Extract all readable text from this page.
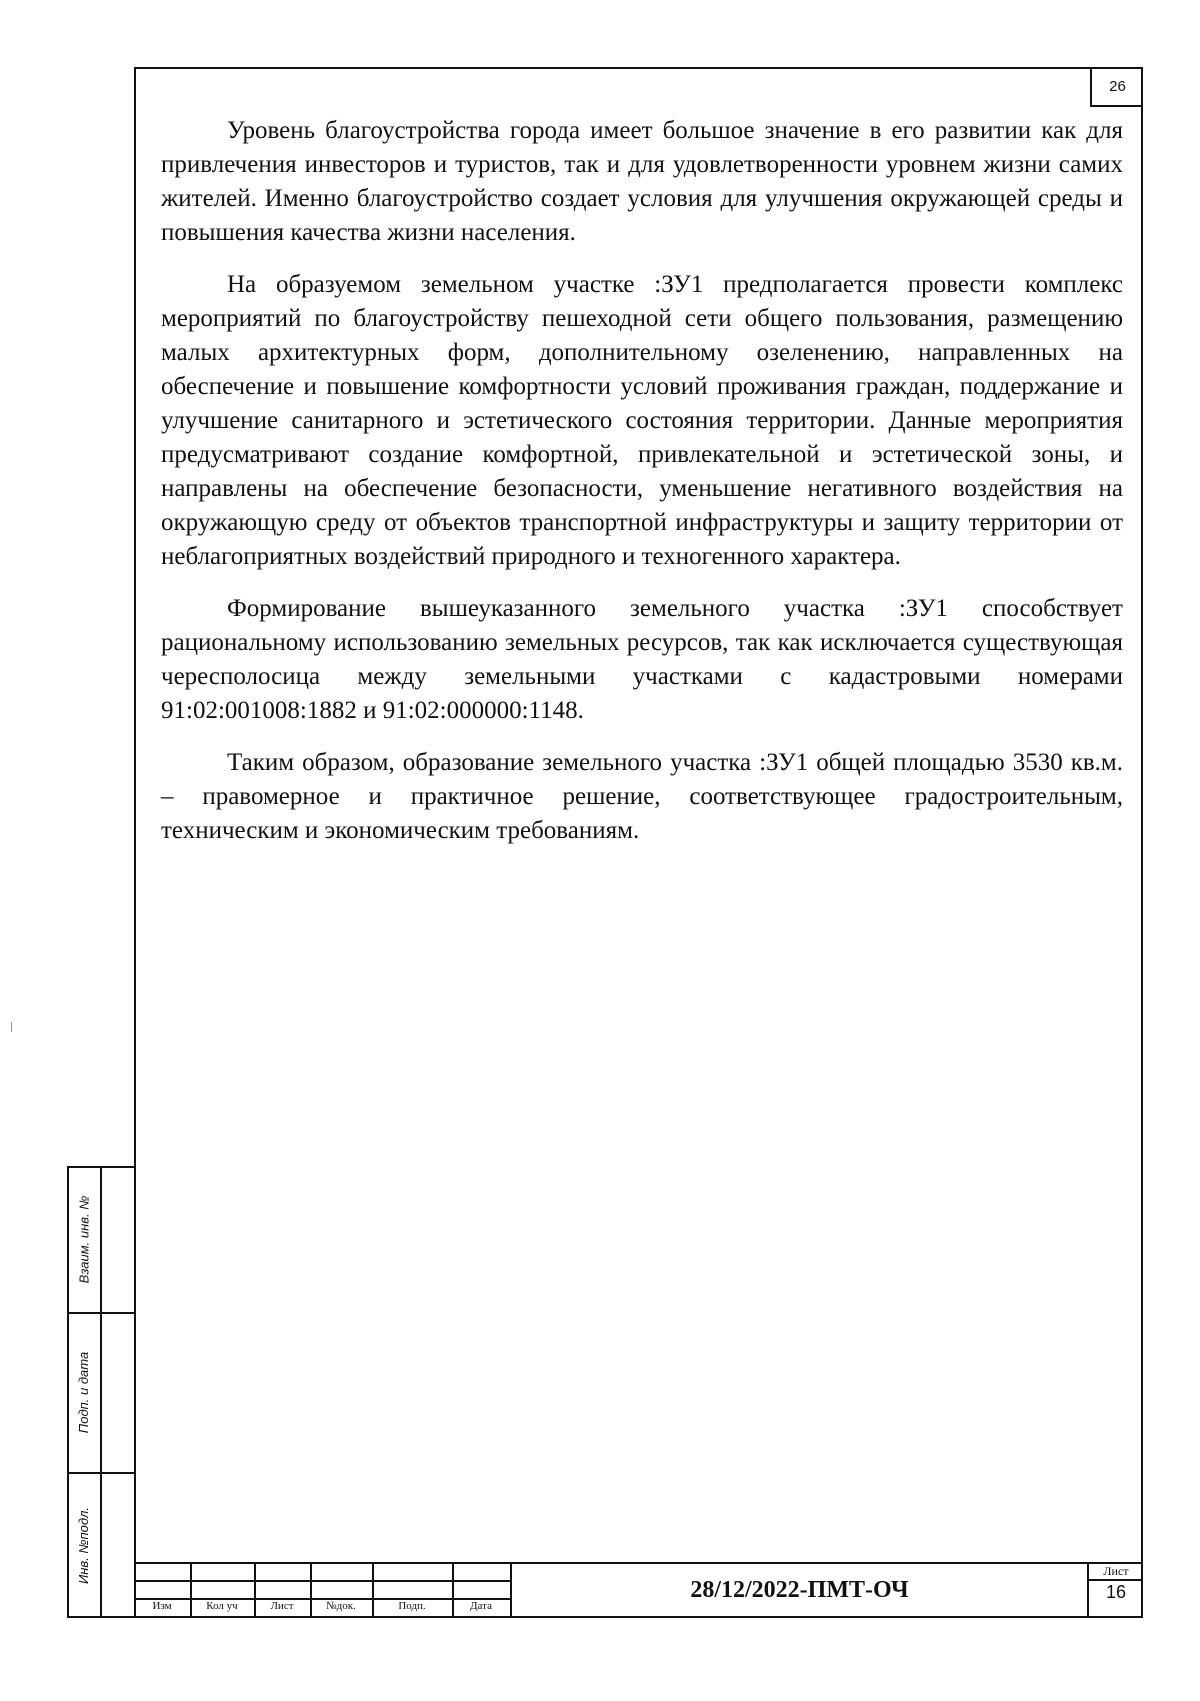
26

Уровень благоустройства города имеет большое значение в его развитии как для привлечения инвесторов и туристов, так и для удовлетворенности уровнем жизни самих жителей. Именно благоустройство создает условия для улучшения окружающей среды и повышения качества жизни населения.

На образуемом земельном участке :ЗУ1 предполагается провести комплекс мероприятий по благоустройству пешеходной сети общего пользования, размещению малых архитектурных форм, дополнительному озеленению, направленных на обеспечение и повышение комфортности условий проживания граждан, поддержание и улучшение санитарного и эстетического состояния территории. Данные мероприятия предусматривают создание комфортной, привлекательной и эстетической зоны, и направлены на обеспечение безопасности, уменьшение негативного воздействия на окружающую среду от объектов транспортной инфраструктуры и защиту территории от неблагоприятных воздействий природного и техногенного характера.

Формирование вышеуказанного земельного участка :ЗУ1 способствует рациональному использованию земельных ресурсов, так как исключается существующая чересполосица между земельными участками с кадастровыми номерами 91:02:001008:1882 и 91:02:000000:1148.

Таким образом, образование земельного участка :ЗУ1 общей площадью 3530 кв.м. – правомерное и практичное решение, соответствующее градостроительным, техническим и экономическим требованиям.

Взаим. инв. №
Подп. и дата
Инв. №подл.
Изм	Кол уч	Лист	№док.	Подп.	Дата
28/12/2022-ПМТ-ОЧ
Лист
16
